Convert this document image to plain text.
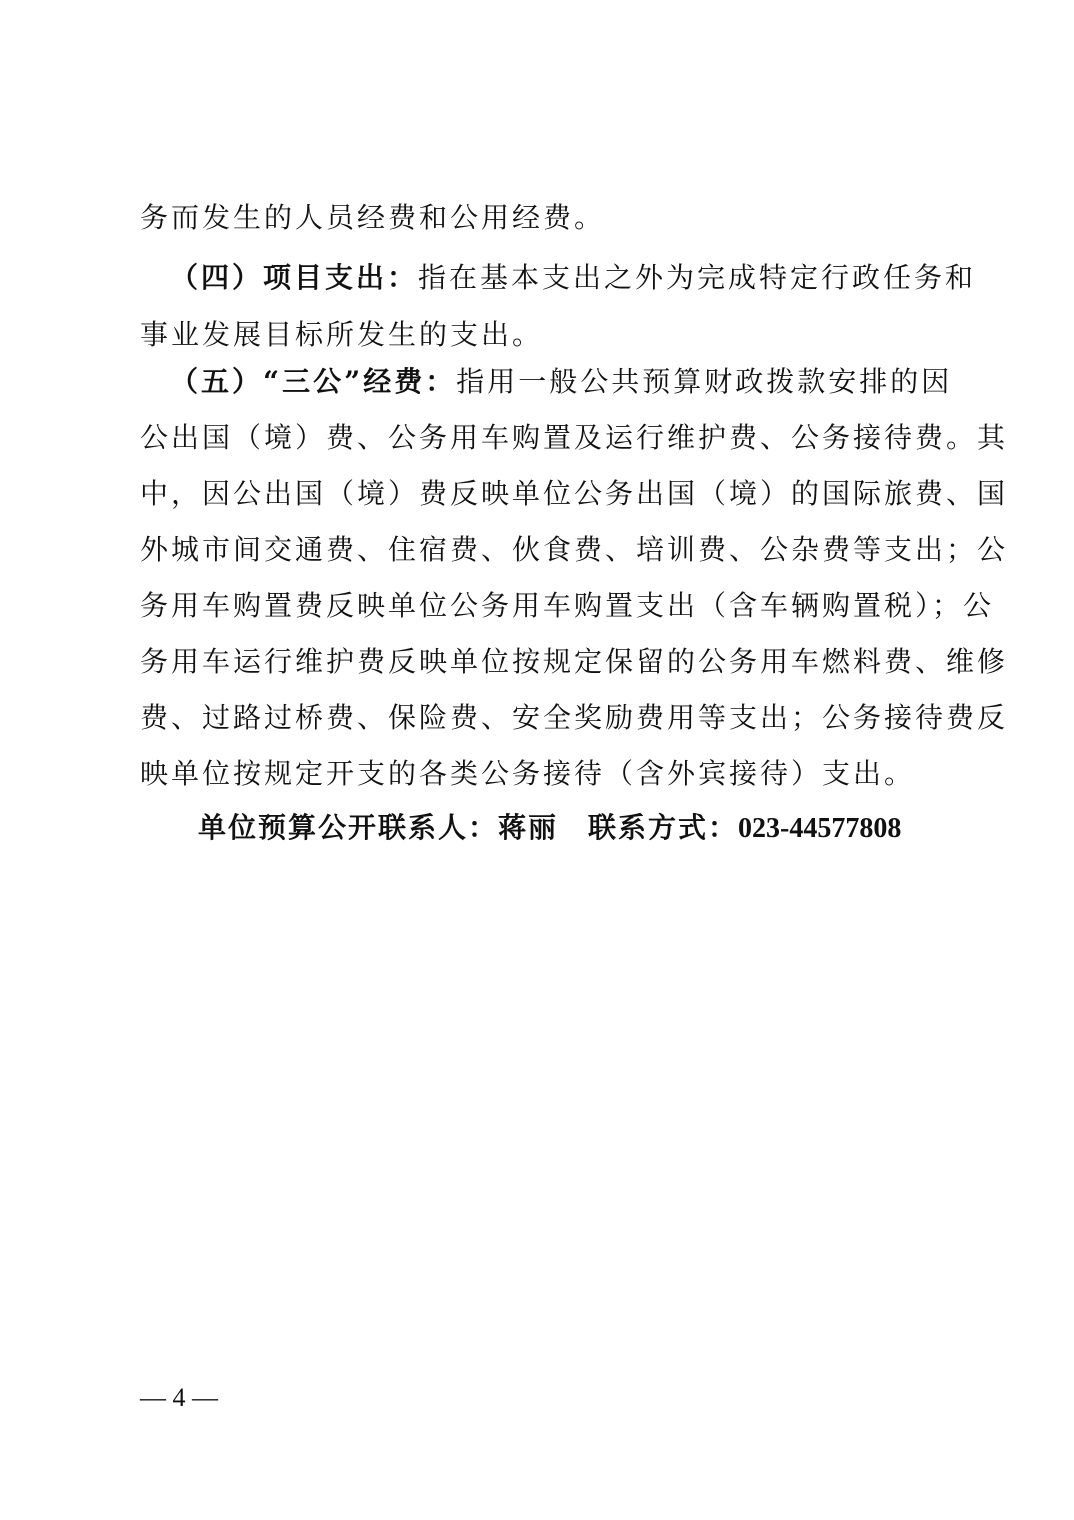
务而发生的人员经费和公用经费。
（四）项目支出：指在基本支出之外为完成特定行政任务和
事业发展目标所发生的支出。
（五）“三公”经费：指用一般公共预算财政拨款安排的因
公出国（境）费、公务用车购置及运行维护费、公务接待费。其
中，因公出国（境）费反映单位公务出国（境）的国际旅费、国
外城市间交通费、住宿费、伙食费、培训费、公杂费等支出；公
务用车购置费反映单位公务用车购置支出（含车辆购置税）；公
务用车运行维护费反映单位按规定保留的公务用车燃料费、维修
费、过路过桥费、保险费、安全奖励费用等支出；公务接待费反
映单位按规定开支的各类公务接待（含外宾接待）支出。
单位预算公开联系人：蒋丽 联系方式：023-44577808
— 4 —
